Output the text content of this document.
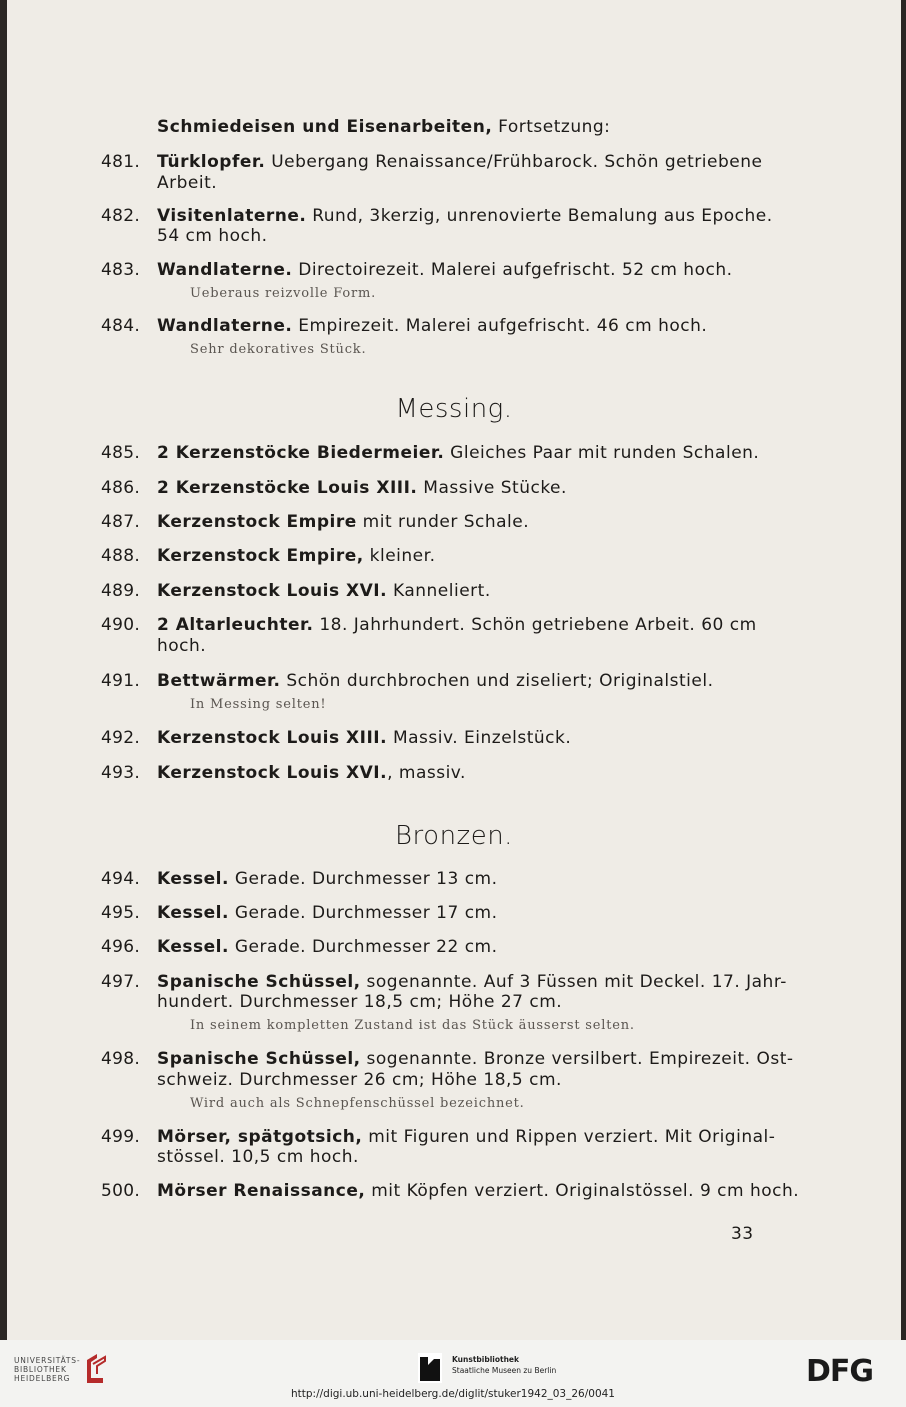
Schmiedeisen und Eisenarbeiten, Fortsetzung:
481. Türklopfer. Uebergang Renaissance/Frühbarock. Schön getriebene
Arbeit.
482. Visitenlaterne. Rund, 3kerzig, unrenovierte Bemalung aus Epoche.
54 cm hoch.
483. Wandlaterne. Directoirezeit. Malerei aufgefrischt. 52 cm hoch.
Ueberaus reizvolle Form.
484. Wandlaterne. Empirezeit. Malerei aufgefrischt. 46 cm hoch.
Sehr dekoratives Stück.
Messing.
485. 2 Kerzenstöcke Biedermeier. Gleiches Paar mit runden Schalen.
486. 2 Kerzenstöcke Louis XIII. Massive Stücke.
487. Kerzenstock Empire mit runder Schale.
488. Kerzenstock Empire, kleiner.
489. Kerzenstock Louis XVI. Kanneliert.
490. 2 Altarleuchter. 18. Jahrhundert. Schön getriebene Arbeit. 60 cm
hoch.
491. Bettwärmer. Schön durchbrochen und ziseliert; Originalstiel.
In Messing selten!
492. Kerzenstock Louis XIII. Massiv. Einzelstück.
493. Kerzenstock Louis XVI., massiv.
Bronzen.
494. Kessel. Gerade. Durchmesser 13 cm.
495. Kessel. Gerade. Durchmesser 17 cm.
496. Kessel. Gerade. Durchmesser 22 cm.
497. Spanische Schüssel, sogenannte. Auf 3 Füssen mit Deckel. 17. Jahr-
hundert. Durchmesser 18,5 cm; Höhe 27 cm.
In seinem kompletten Zustand ist das Stück äusserst selten.
498. Spanische Schüssel, sogenannte. Bronze versilbert. Empirezeit. Ost-
schweiz. Durchmesser 26 cm; Höhe 18,5 cm.
Wird auch als Schnepfenschüssel bezeichnet.
499. Mörser, spätgotsich, mit Figuren und Rippen verziert. Mit Original-
stössel. 10,5 cm hoch.
500. Mörser Renaissance, mit Köpfen verziert. Originalstössel. 9 cm hoch.
33
UNIVERSITÄTS-
BIBLIOTHEK
HEIDELBERG
Kunstbibliothek
Staatliche Museen zu Berlin	DFG
http://digi.ub.uni-heidelberg.de/diglit/stuker1942_03_26/0041
